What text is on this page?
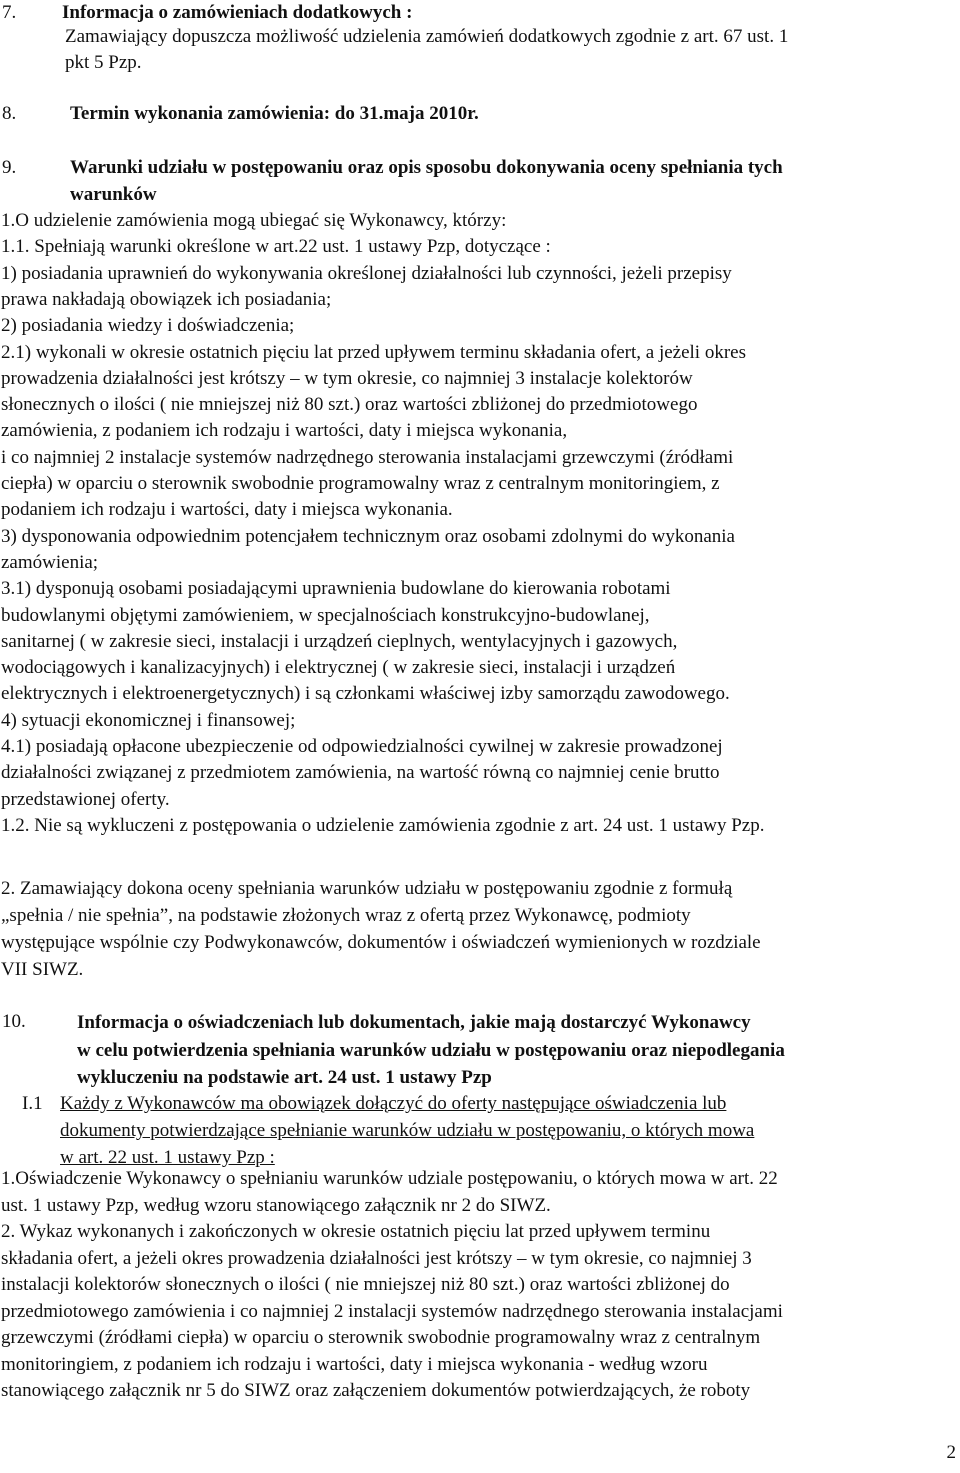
7. Informacja o zamówieniach dodatkowych :
Zamawiający dopuszcza możliwość udzielenia zamówień dodatkowych zgodnie z art. 67 ust. 1
pkt 5 Pzp.
8.	Termin wykonania zamówienia: do 31.maja 2010r.
9.	Warunki udziału w postępowaniu oraz opis sposobu dokonywania oceny spełniania tych
warunków
1.O udzielenie zamówienia mogą ubiegać się Wykonawcy, którzy:
1.1. Spełniają warunki określone w art.22 ust. 1 ustawy Pzp, dotyczące :
1) posiadania uprawnień do wykonywania określonej działalności lub czynności, jeżeli przepisy
prawa nakładają obowiązek ich posiadania;
2) posiadania wiedzy i doświadczenia;
2.1) wykonali w okresie ostatnich pięciu lat przed upływem terminu składania ofert, a jeżeli okres
prowadzenia działalności jest krótszy – w tym okresie, co najmniej 3 instalacje kolektorów
słonecznych o ilości ( nie mniejszej niż 80 szt.) oraz wartości zbliżonej do przedmiotowego
zamówienia, z podaniem ich rodzaju i wartości, daty i miejsca wykonania,
i co najmniej 2 instalacje systemów nadrzędnego sterowania instalacjami grzewczymi (źródłami
ciepła) w oparciu o sterownik swobodnie programowalny wraz z centralnym monitoringiem, z
podaniem ich rodzaju i wartości, daty i miejsca wykonania.
3) dysponowania odpowiednim potencjałem technicznym oraz osobami zdolnymi do wykonania
zamówienia;
3.1) dysponują osobami posiadającymi uprawnienia budowlane do kierowania robotami
budowlanymi objętymi zamówieniem, w specjalnościach konstrukcyjno-budowlanej,
sanitarnej ( w zakresie sieci, instalacji i urządzeń cieplnych, wentylacyjnych i gazowych,
wodociągowych i kanalizacyjnych) i elektrycznej ( w zakresie sieci, instalacji i urządzeń
elektrycznych i elektroenergetycznych) i są członkami właściwej izby samorządu zawodowego.
4) sytuacji ekonomicznej i finansowej;
4.1) posiadają opłacone ubezpieczenie od odpowiedzialności cywilnej w zakresie prowadzonej
działalności związanej z przedmiotem zamówienia, na wartość równą co najmniej cenie brutto
przedstawionej oferty.
1.2. Nie są wykluczeni z postępowania o udzielenie zamówienia zgodnie z art. 24 ust. 1 ustawy Pzp.
2. Zamawiający dokona oceny spełniania warunków udziału w postępowaniu zgodnie z formułą
„spełnia / nie spełnia”, na podstawie złożonych wraz z ofertą przez Wykonawcę, podmioty
występujące wspólnie czy Podwykonawców, dokumentów i oświadczeń wymienionych w rozdziale
VII SIWZ.
10.	Informacja o oświadczeniach lub dokumentach, jakie mają dostarczyć Wykonawcy
w celu potwierdzenia spełniania warunków udziału w postępowaniu oraz niepodlegania
wykluczeniu na podstawie art. 24 ust. 1 ustawy Pzp
I.1 Każdy z Wykonawców ma obowiązek dołączyć do oferty następujące oświadczenia lub
dokumenty potwierdzające spełnianie warunków udziału w postępowaniu, o których mowa
w art. 22 ust. 1 ustawy Pzp :
1.Oświadczenie Wykonawcy o spełnianiu warunków udziale postępowaniu, o których mowa w art. 22
ust. 1 ustawy Pzp, według wzoru stanowiącego załącznik nr 2 do SIWZ.
2. Wykaz wykonanych i zakończonych w okresie ostatnich pięciu lat przed upływem terminu
składania ofert, a jeżeli okres prowadzenia działalności jest krótszy – w tym okresie, co najmniej 3
instalacji kolektorów słonecznych o ilości ( nie mniejszej niż 80 szt.) oraz wartości zbliżonej do
przedmiotowego zamówienia i co najmniej 2 instalacji systemów nadrzędnego sterowania instalacjami
grzewczymi (źródłami ciepła) w oparciu o sterownik swobodnie programowalny wraz z centralnym
monitoringiem, z podaniem ich rodzaju i wartości, daty i miejsca wykonania - według wzoru
stanowiącego załącznik nr 5 do SIWZ oraz załączeniem dokumentów potwierdzających, że roboty
2
